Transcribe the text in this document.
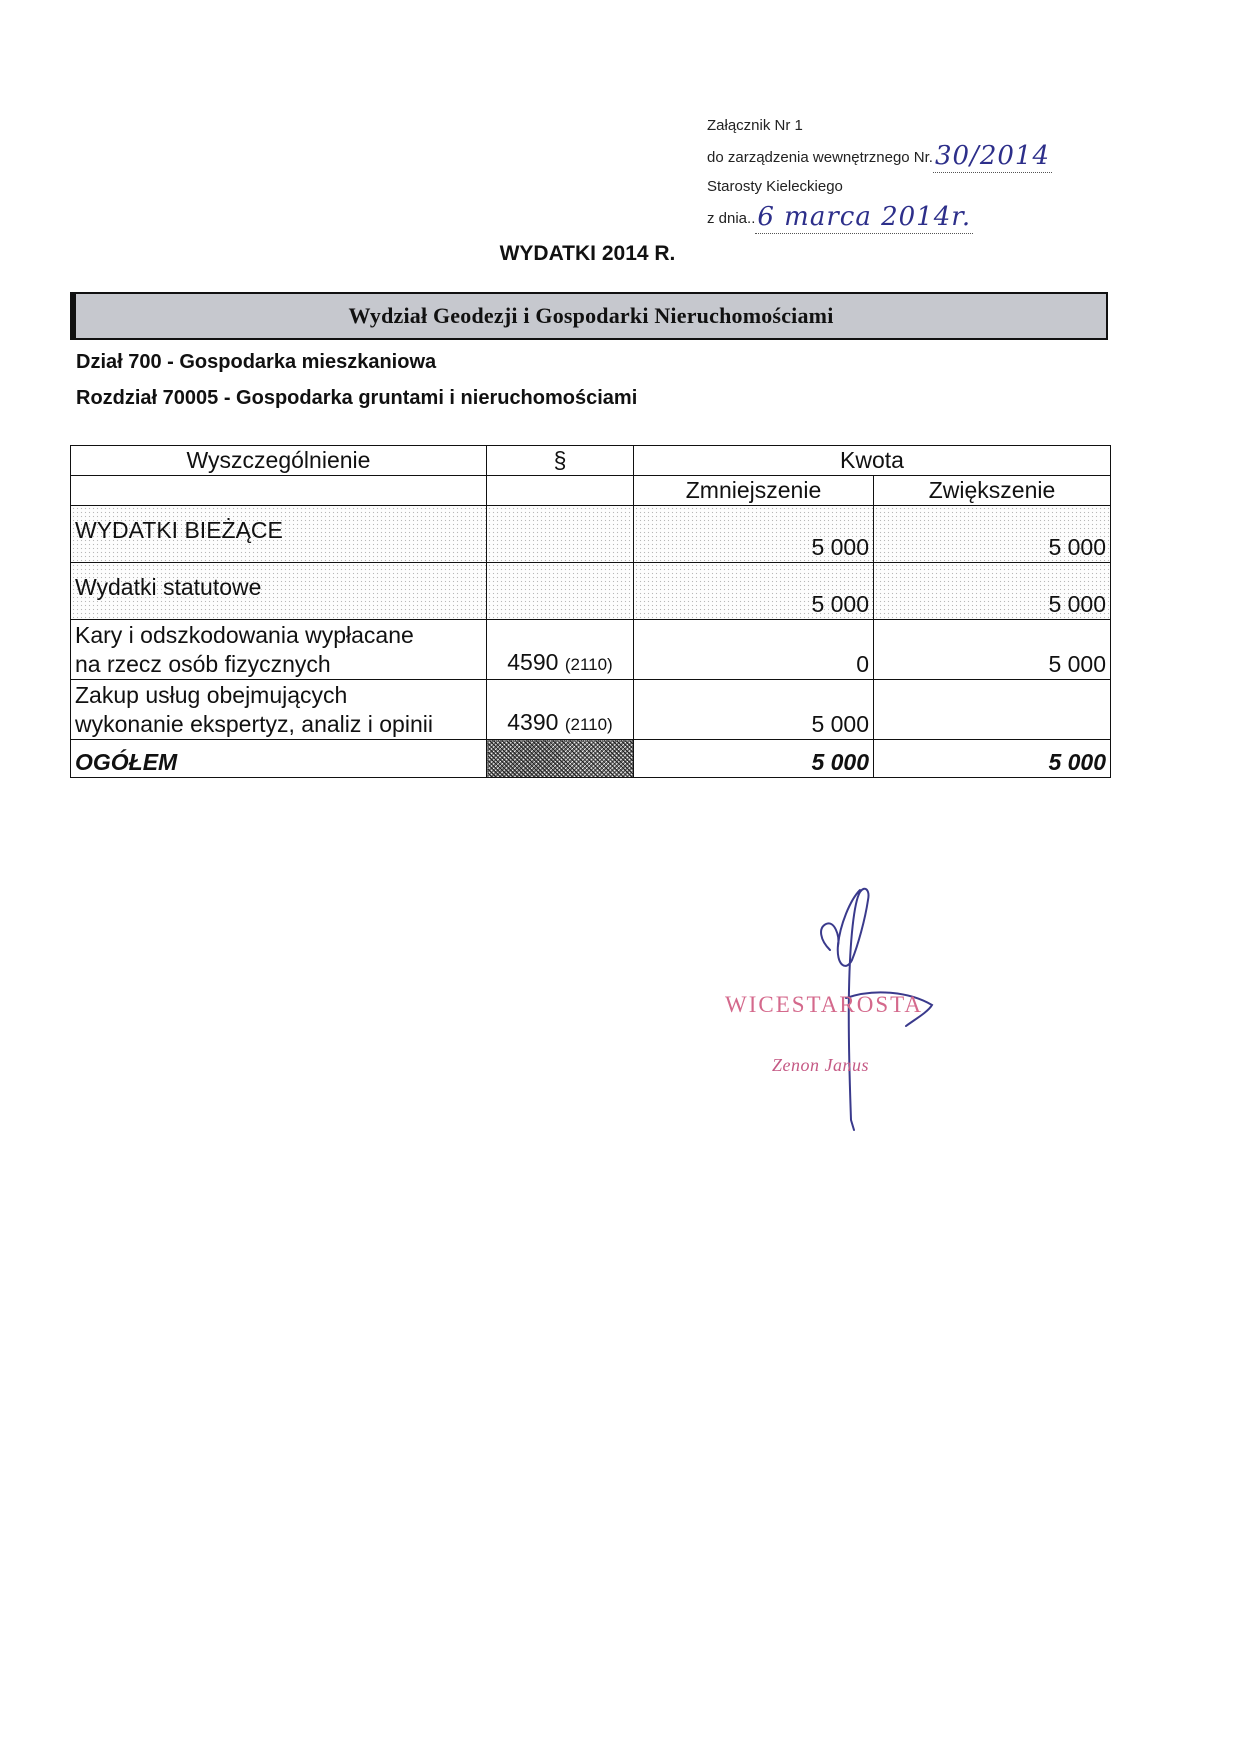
Załącznik Nr 1
do zarządzenia wewnętrznego Nr.30/2014
Starosty Kieleckiego
z dnia..6 marca 2014r.
WYDATKI 2014 R.
Wydział Geodezji i Gospodarki Nieruchomościami
Dział 700 - Gospodarka mieszkaniowa
Rozdział 70005 - Gospodarka gruntami i nieruchomościami
Wyszczególnienie	§	Kwota	
		Zmniejszenie	Zwiększenie
WYDATKI BIEŻĄCE		5 000	5 000
Wydatki statutowe		5 000	5 000

Kary i odszkodowania wypłacane
na rzecz osób fizycznych	4590 (2110)	0	5 000

Zakup usług obejmujących
wykonanie ekspertyz, analiz i opinii	4390 (2110)	5 000	
OGÓŁEM		5 000	5 000
WICESTAROSTA
Zenon Janus
